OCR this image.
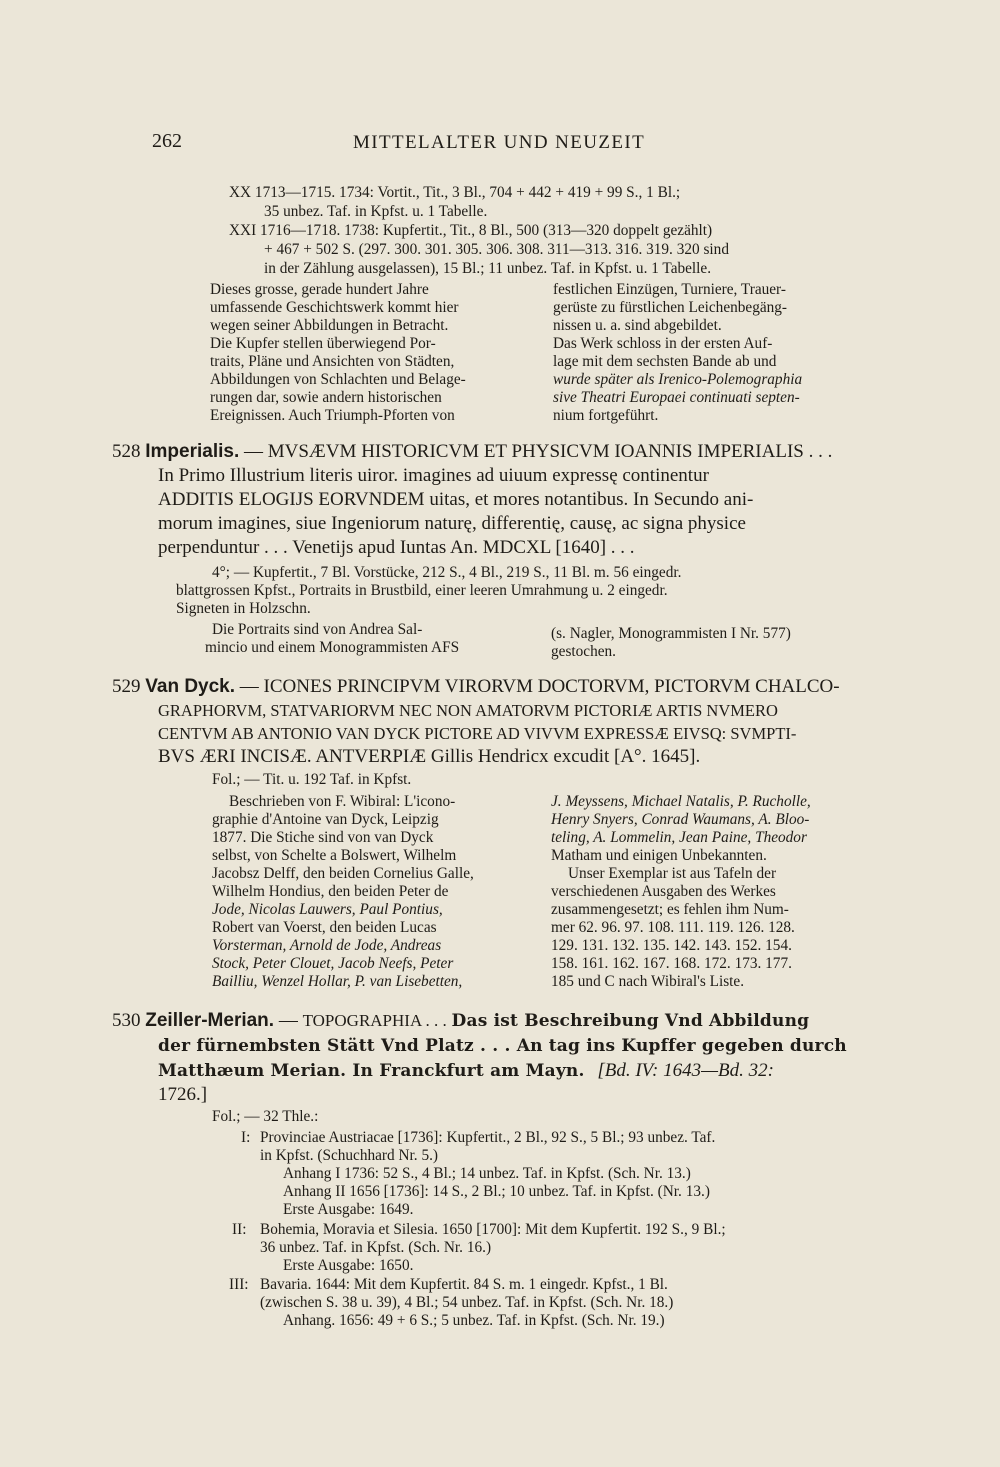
262	MITTELALTER UND NEUZEIT
XX 1713—1715. 1734: Vortit., Tit., 3 Bl., 704 + 442 + 419 + 99 S., 1 Bl.;
35 unbez. Taf. in Kpfst. u. 1 Tabelle.
XXI 1716—1718. 1738: Kupfertit., Tit., 8 Bl., 500 (313—320 doppelt gezählt)
+ 467 + 502 S. (297. 300. 301. 305. 306. 308. 311—313. 316. 319. 320 sind
in der Zählung ausgelassen), 15 Bl.; 11 unbez. Taf. in Kpfst. u. 1 Tabelle.
Dieses grosse, gerade hundert Jahre
umfassende Geschichtswerk kommt hier
wegen seiner Abbildungen in Betracht.
Die Kupfer stellen überwiegend Por-
traits, Pläne und Ansichten von Städten,
Abbildungen von Schlachten und Belage-
rungen dar, sowie andern historischen
Ereignissen. Auch Triumph-Pforten von
festlichen Einzügen, Turniere, Trauer-
gerüste zu fürstlichen Leichenbegäng-
nissen u. a. sind abgebildet.
Das Werk schloss in der ersten Auf-
lage mit dem sechsten Bande ab und
wurde später als Irenico-Polemographia
sive Theatri Europaei continuati septen-
nium fortgeführt.
528 Imperialis. — MVSÆVM HISTORICVM ET PHYSICVM IOANNIS IMPERIALIS . . .
In Primo Illustrium literis uiror. imagines ad uiuum expressę continentur
ADDITIS ELOGIJS EORVNDEM uitas, et mores notantibus. In Secundo ani-
morum imagines, siue Ingeniorum naturę, differentię, causę, ac signa physice
perpenduntur . . . Venetijs apud Iuntas An. MDCXL [1640] . . .
4°; — Kupfertit., 7 Bl. Vorstücke, 212 S., 4 Bl., 219 S., 11 Bl. m. 56 eingedr.
blattgrossen Kpfst., Portraits in Brustbild, einer leeren Umrahmung u. 2 eingedr.
Signeten in Holzschn.
Die Portraits sind von Andrea Sal-
mincio und einem Monogrammisten AFS
(s. Nagler, Monogrammisten I Nr. 577)
gestochen.
529 Van Dyck. — ICONES PRINCIPVM VIRORVM DOCTORVM, PICTORVM CHALCO-
GRAPHORVM, STATVARIORVM NEC NON AMATORVM PICTORIÆ ARTIS NVMERO
CENTVM AB ANTONIO VAN DYCK PICTORE AD VIVVM EXPRESSÆ EIVSQ: SVMPTI-
BVS ÆRI INCISÆ. ANTVERPIÆ Gillis Hendricx excudit [A°. 1645].
Fol.; — Tit. u. 192 Taf. in Kpfst.
Beschrieben von F. Wibiral: L'icono-
graphie d'Antoine van Dyck, Leipzig
1877. Die Stiche sind von van Dyck
selbst, von Schelte a Bolswert, Wilhelm
Jacobsz Delff, den beiden Cornelius Galle,
Wilhelm Hondius, den beiden Peter de
Jode, Nicolas Lauwers, Paul Pontius,
Robert van Voerst, den beiden Lucas
Vorsterman, Arnold de Jode, Andreas
Stock, Peter Clouet, Jacob Neefs, Peter
Bailliu, Wenzel Hollar, P. van Lisebetten,
J. Meyssens, Michael Natalis, P. Rucholle,
Henry Snyers, Conrad Waumans, A. Bloo-
teling, A. Lommelin, Jean Paine, Theodor
Matham und einigen Unbekannten.
Unser Exemplar ist aus Tafeln der
verschiedenen Ausgaben des Werkes
zusammengesetzt; es fehlen ihm Num-
mer 62. 96. 97. 108. 111. 119. 126. 128.
129. 131. 132. 135. 142. 143. 152. 154.
158. 161. 162. 167. 168. 172. 173. 177.
185 und C nach Wibiral's Liste.
530 Zeiller-Merian. — TOPOGRAPHIA . . . Das ist Beschreibung Vnd Abbildung
der fürnembsten Stätt Vnd Platz . . . An tag ins Kupffer gegeben durch
Matthæum Merian. In Franckfurt am Mayn. [Bd. IV: 1643—Bd. 32:
1726.]
Fol.; — 32 Thle.:
I: Provinciae Austriacae [1736]: Kupfertit., 2 Bl., 92 S., 5 Bl.; 93 unbez. Taf.
in Kpfst. (Schuchhard Nr. 5.)
Anhang I 1736: 52 S., 4 Bl.; 14 unbez. Taf. in Kpfst. (Sch. Nr. 13.)
Anhang II 1656 [1736]: 14 S., 2 Bl.; 10 unbez. Taf. in Kpfst. (Nr. 13.)
Erste Ausgabe: 1649.
II: Bohemia, Moravia et Silesia. 1650 [1700]: Mit dem Kupfertit. 192 S., 9 Bl.;
36 unbez. Taf. in Kpfst. (Sch. Nr. 16.)
Erste Ausgabe: 1650.
III: Bavaria. 1644: Mit dem Kupfertit. 84 S. m. 1 eingedr. Kpfst., 1 Bl.
(zwischen S. 38 u. 39), 4 Bl.; 54 unbez. Taf. in Kpfst. (Sch. Nr. 18.)
Anhang. 1656: 49 + 6 S.; 5 unbez. Taf. in Kpfst. (Sch. Nr. 19.)
